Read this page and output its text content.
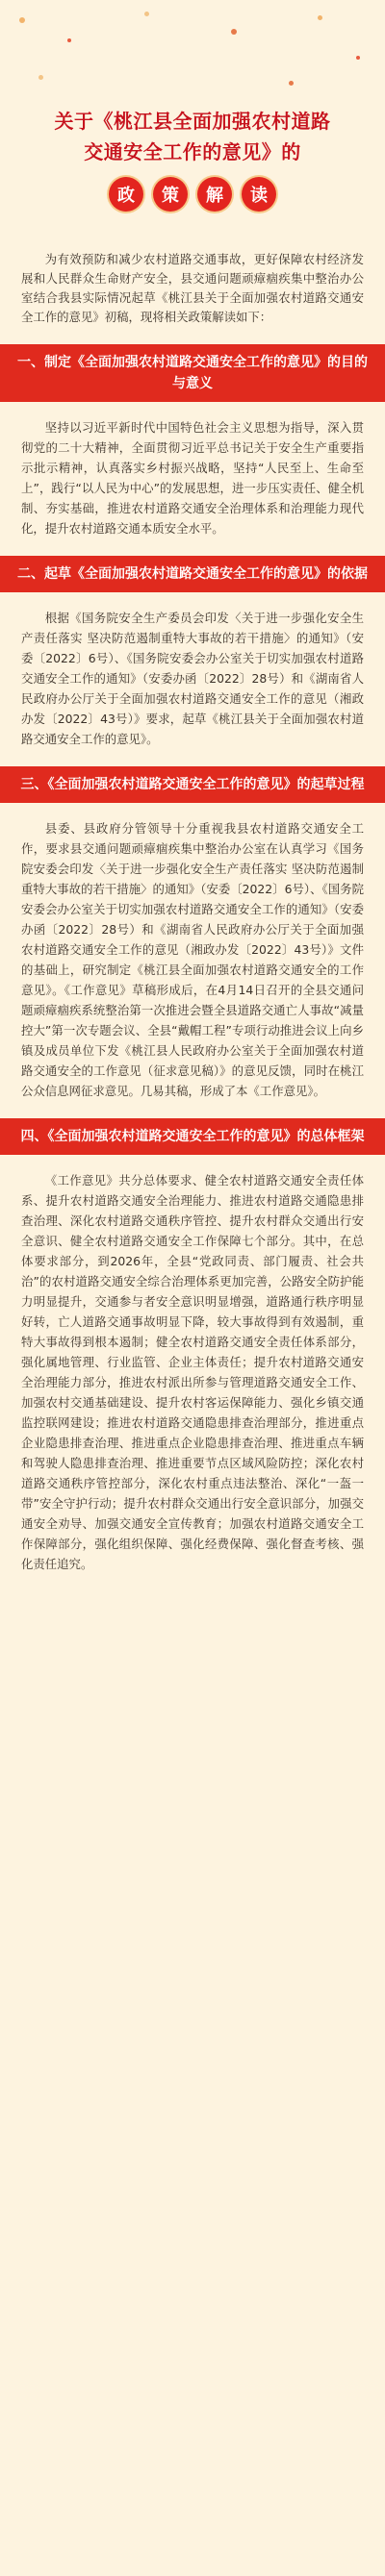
关于《桃江县全面加强农村道路
交通安全工作的意见》的

政	策	解	读

为有效预防和减少农村道路交通事故，更好保障农村经济发展和人民群众生命财产安全，县交通问题顽瘴痼疾集中整治办公室结合我县实际情况起草《桃江县关于全面加强农村道路交通安全工作的意见》初稿，现将相关政策解读如下：

一、制定《全面加强农村道路交通安全工作的意见》的目的与意义

坚持以习近平新时代中国特色社会主义思想为指导，深入贯彻党的二十大精神，全面贯彻习近平总书记关于安全生产重要指示批示精神，认真落实乡村振兴战略，坚持“人民至上、生命至上”，践行“以人民为中心”的发展思想，进一步压实责任、健全机制、夯实基础，推进农村道路交通安全治理体系和治理能力现代化，提升农村道路交通本质安全水平。

二、起草《全面加强农村道路交通安全工作的意见》的依据

根据《国务院安全生产委员会印发〈关于进一步强化安全生产责任落实 坚决防范遏制重特大事故的若干措施〉的通知》（安委〔2022〕6号）、《国务院安委会办公室关于切实加强农村道路交通安全工作的通知》（安委办函〔2022〕28号）和《湖南省人民政府办公厅关于全面加强农村道路交通安全工作的意见（湘政办发〔2022〕43号）》要求，起草《桃江县关于全面加强农村道路交通安全工作的意见》。

三、《全面加强农村道路交通安全工作的意见》的起草过程

县委、县政府分管领导十分重视我县农村道路交通安全工作，要求县交通问题顽瘴痼疾集中整治办公室在认真学习《国务院安委会印发〈关于进一步强化安全生产责任落实 坚决防范遏制重特大事故的若干措施〉的通知》（安委〔2022〕6号）、《国务院安委会办公室关于切实加强农村道路交通安全工作的通知》（安委办函〔2022〕28号）和《湖南省人民政府办公厅关于全面加强农村道路交通安全工作的意见（湘政办发〔2022〕43号）》文件的基础上，研究制定《桃江县全面加强农村道路交通安全的工作意见》。《工作意见》草稿形成后，在4月14日召开的全县交通问题顽瘴痼疾系统整治第一次推进会暨全县道路交通亡人事故“减量控大”第一次专题会议、全县“戴帽工程”专项行动推进会议上向乡镇及成员单位下发《桃江县人民政府办公室关于全面加强农村道路交通安全的工作意见（征求意见稿）》的意见反馈，同时在桃江公众信息网征求意见。几易其稿，形成了本《工作意见》。

四、《全面加强农村道路交通安全工作的意见》的总体框架

《工作意见》共分总体要求、健全农村道路交通安全责任体系、提升农村道路交通安全治理能力、推进农村道路交通隐患排查治理、深化农村道路交通秩序管控、提升农村群众交通出行安全意识、健全农村道路交通安全工作保障七个部分。其中，在总体要求部分，到2026年，全县“党政同责、部门履责、社会共治”的农村道路交通安全综合治理体系更加完善，公路安全防护能力明显提升，交通参与者安全意识明显增强，道路通行秩序明显好转，亡人道路交通事故明显下降，较大事故得到有效遏制，重特大事故得到根本遏制；健全农村道路交通安全责任体系部分，强化属地管理、行业监管、企业主体责任；提升农村道路交通安全治理能力部分，推进农村派出所参与管理道路交通安全工作、加强农村交通基础建设、提升农村客运保障能力、强化乡镇交通监控联网建设；推进农村道路交通隐患排查治理部分，推进重点企业隐患排查治理、推进重点企业隐患排查治理、推进重点车辆和驾驶人隐患排查治理、推进重要节点区域风险防控；深化农村道路交通秩序管控部分，深化农村重点违法整治、深化“一盔一带”安全守护行动；提升农村群众交通出行安全意识部分，加强交通安全劝导、加强交通安全宣传教育；加强农村道路交通安全工作保障部分，强化组织保障、强化经费保障、强化督查考核、强化责任追究。
